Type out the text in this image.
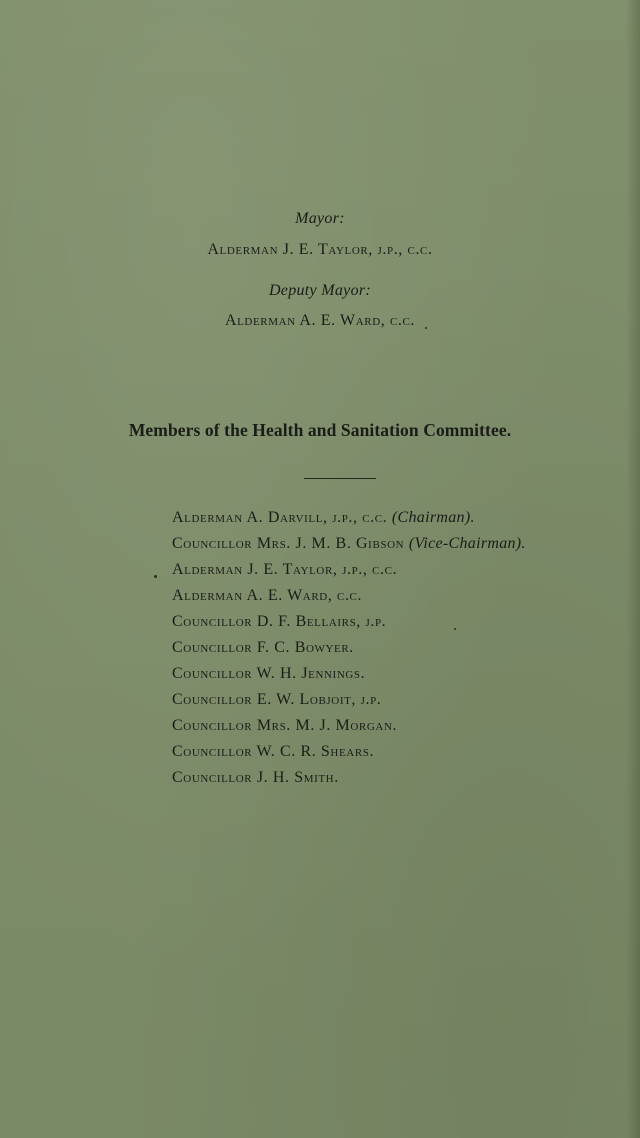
Mayor:
Alderman J. E. Taylor, j.p., c.c.
Deputy Mayor:
Alderman A. E. Ward, c.c.
Members of the Health and Sanitation Committee.
Alderman A. Darvill, j.p., c.c. (Chairman).
Councillor Mrs. J. M. B. Gibson (Vice-Chairman).
Alderman J. E. Taylor, j.p., c.c.
Alderman A. E. Ward, c.c.
Councillor D. F. Bellairs, j.p.
Councillor F. C. Bowyer.
Councillor W. H. Jennings.
Councillor E. W. Lobjoit, j.p.
Councillor Mrs. M. J. Morgan.
Councillor W. C. R. Shears.
Councillor J. H. Smith.
